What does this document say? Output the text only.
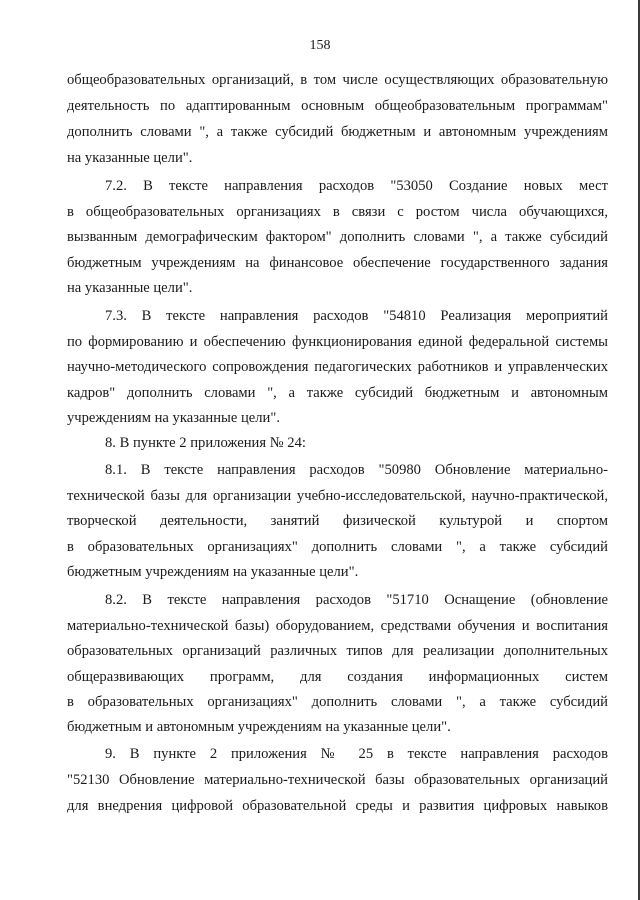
158
общеобразовательных организаций, в том числе осуществляющих образовательную
деятельность по адаптированным основным общеобразовательным программам"
дополнить словами ", а также субсидий бюджетным и автономным учреждениям
на указанные цели".
7.2. В тексте направления расходов "53050 Создание новых мест
в общеобразовательных организациях в связи с ростом числа обучающихся,
вызванным демографическим фактором" дополнить словами ", а также субсидий
бюджетным учреждениям на финансовое обеспечение государственного задания
на указанные цели".
7.3. В тексте направления расходов "54810 Реализация мероприятий
по формированию и обеспечению функционирования единой федеральной системы
научно-методического сопровождения педагогических работников и управленческих
кадров" дополнить словами ", а также субсидий бюджетным и автономным
учреждениям на указанные цели".
8. В пункте 2 приложения № 24:
8.1. В тексте направления расходов "50980 Обновление материально-
технической базы для организации учебно-исследовательской, научно-практической,
творческой деятельности, занятий физической культурой и спортом
в образовательных организациях" дополнить словами ", а также субсидий
бюджетным учреждениям на указанные цели".
8.2. В тексте направления расходов "51710 Оснащение (обновление
материально-технической базы) оборудованием, средствами обучения и воспитания
образовательных организаций различных типов для реализации дополнительных
общеразвивающих программ, для создания информационных систем
в образовательных организациях" дополнить словами ", а также субсидий
бюджетным и автономным учреждениям на указанные цели".
9. В пункте 2 приложения № 25 в тексте направления расходов
"52130 Обновление материально-технической базы образовательных организаций
для внедрения цифровой образовательной среды и развития цифровых навыков
